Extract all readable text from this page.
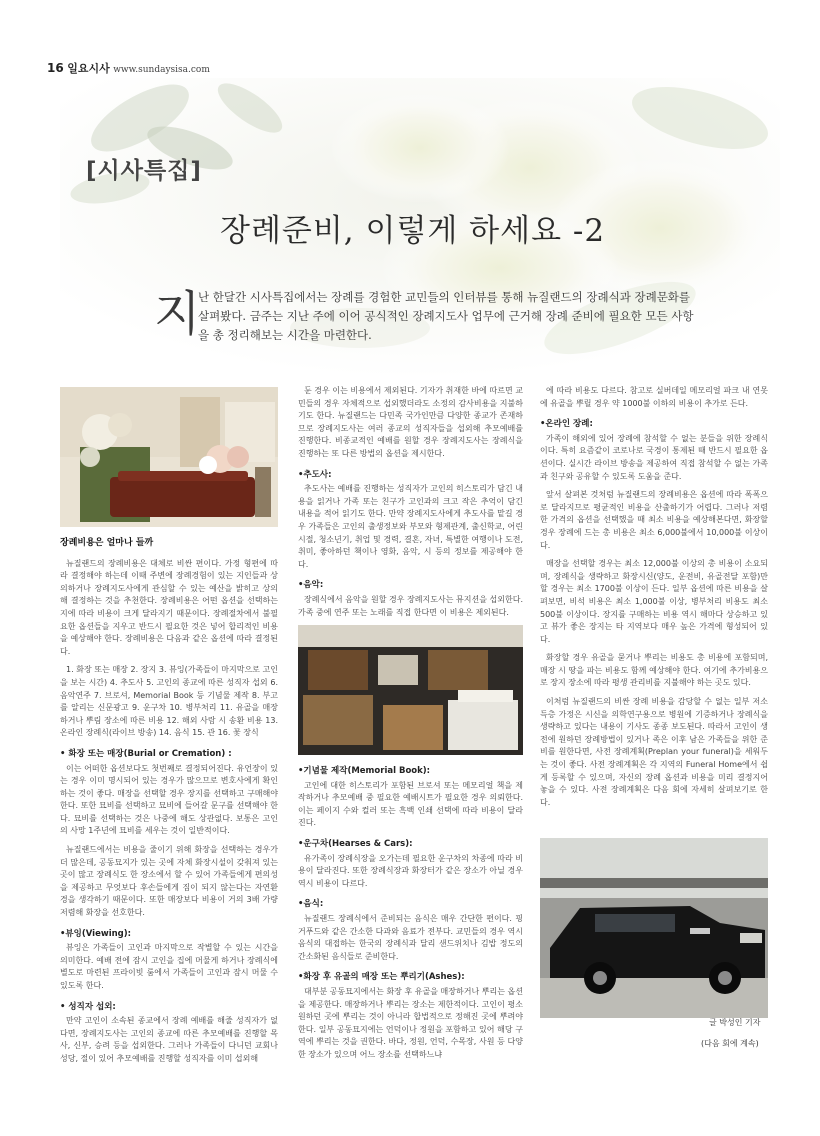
16 일요시사 www.sundaysisa.com
[시사특집]
장례준비, 이렇게 하세요 -2
지
난 한달간 시사특집에서는 장례를 경험한 교민들의 인터뷰를 통해 뉴질랜드의 장례식과 장례문화를 살펴봤다. 금주는 지난 주에 이어 공식적인 장례지도사 업무에 근거해 장례 준비에 필요한 모든 사항을 총 정리해보는 시간을 마련한다.
장례비용은 얼마나 들까

뉴질랜드의 장례비용은 대체로 비싼 편이다. 가정 형편에 따라 결정해야 하는데 이때 주변에 장례경험이 있는 지인들과 상의하거나 장례지도사에게 관심할 수 있는 예산을 밝히고 상의해 결정하는 것을 추천한다. 장례비용은 어떤 옵션을 선택하는지에 따라 비용이 크게 달라지기 때문이다. 장례절차에서 불필요한 옵션들을 지우고 반드시 필요한 것은 넣어 합리적인 비용을 예상해야 한다. 장례비용은 다음과 같은 옵션에 따라 결정된다.

1. 화장 또는 매장 2. 장지 3. 뷰잉(가족들이 마지막으로 고인을 보는 시간) 4. 추도사 5. 고인의 종교에 따른 성직자 섭외 6. 음악연주 7. 브로셔, Memorial Book 등 기념물 제작 8. 부고를 알리는 신문광고 9. 운구차 10. 병부처리 11. 유골을 매장하거나 뿌림 장소에 따른 비용 12. 해외 사람 시 송환 비용 13. 온라인 장례식(라이브 방송) 14. 음식 15. 관 16. 꽃 장식

• 화장 또는 매장(Burial or Cremation) :

이는 어떠한 옵션보다도 첫번째로 결정되어진다. 유언장이 있는 경우 이미 명시되어 있는 경우가 많으므로 변호사에게 확인하는 것이 좋다. 매장을 선택할 경우 장지를 선택하고 구매해야 한다. 또한 묘비를 선택하고 묘비에 들어갈 문구를 선택해야 한다. 묘비를 선택하는 것은 나중에 해도 상관없다. 보통은 고인의 사망 1주년에 묘비를 세우는 것이 일반적이다.

뉴질랜드에서는 비용을 줄이기 위해 화장을 선택하는 경우가 더 많은데, 공동묘지가 있는 곳에 자체 화장시설이 갖춰져 있는 곳이 많고 장례식도 한 장소에서 할 수 있어 가족들에게 편의성을 제공하고 무엇보다 후손들에게 짐이 되지 않는다는 자연환경을 생각하기 때문이다. 또한 매장보다 비용이 거의 3배 가량 저렴해 화장을 선호한다.

•뷰잉(Viewing):

뷰잉은 가족들이 고인과 마지막으로 작별할 수 있는 시간을 의미한다. 예배 전에 잠시 고인을 집에 머물게 하거나 장례식에 별도로 마련된 프라이빗 룸에서 가족들이 고인과 잠시 머물 수 있도록 한다.

• 성직자 섭외:

만약 고인이 소속된 종교에서 장례 예배를 해줄 성직자가 없다면, 장례지도사는 고인의 종교에 따른 추모예배를 진행할 목사, 신부, 승려 등을 섭외한다. 그러나 가족들이 다니던 교회나 성당, 절이 있어 추모예배를 진행할 성직자를 이미 섭외해

둔 경우 이는 비용에서 제외된다. 기자가 취재한 바에 따르면 교민들의 경우 자체적으로 섭외했더라도 소정의 감사비용을 지불하기도 한다. 뉴질랜드는 다민족 국가인만큼 다양한 종교가 존재하므로 장례지도사는 여러 종교의 성직자들을 섭외해 추모예배를 진행한다. 비종교적인 예배를 원할 경우 장례지도사는 장례식을 진행하는 또 다른 방법의 옵션을 제시한다.

•추도사:

추도사는 예배를 진행하는 성직자가 고인의 히스토리가 담긴 내용을 읽거나 가족 또는 친구가 고인과의 크고 작은 추억이 담긴 내용을 적어 읽기도 한다. 만약 장례지도사에게 추도사를 맡길 경우 가족들은 고인의 출생정보와 부모와 형제관계, 출신학교, 어린시절, 청소년기, 취업 및 경력, 결혼, 자녀, 특별한 여행이나 도전, 취미, 좋아하던 책이나 영화, 음악, 시 등의 정보를 제공해야 한다.

•음악:

장례식에서 음악을 원할 경우 장례지도사는 뮤지션을 섭외한다. 가족 중에 연주 또는 노래를 직접 한다면 이 비용은 제외된다.

•기념물 제작(Memorial Book):

고인에 대한 히스토리가 포함된 브로셔 또는 메모리얼 책을 제작하거나 추모예배 중 필요한 예배시트가 필요한 경우 의뢰한다. 이는 페이지 수와 컬러 또는 흑백 인쇄 선택에 따라 비용이 달라진다.

•운구차(Hearses & Cars):

유가족이 장례식장을 오가는데 필요한 운구차의 차종에 따라 비용이 달라진다. 또한 장례식장과 화장터가 같은 장소가 아닐 경우 역시 비용이 다르다.

•음식:

뉴질랜드 장례식에서 준비되는 음식은 매우 간단한 편이다. 핑거푸드와 같은 간소한 다과와 음료가 전부다. 교민들의 경우 역시 음식의 대접하는 한국의 장례식과 달리 샌드위치나 김밥 정도의 간소화된 음식들로 준비한다.

•화장 후 유골의 매장 또는 뿌리기(Ashes):

대부분 공동묘지에서는 화장 후 유골을 매장하거나 뿌리는 옵션을 제공한다. 매장하거나 뿌리는 장소는 제한적이다. 고인이 평소 원하던 곳에 뿌리는 것이 아니라 합법적으로 정해진 곳에 뿌려야한다. 일부 공동묘지에는 언덕이나 정원을 포함하고 있어 해당 구역에 뿌리는 것을 권한다. 바다, 정원, 언덕, 수목장, 사원 등 다양한 장소가 있으며 어느 장소를 선택하느냐

에 따라 비용도 다르다. 참고로 실버데일 메모리얼 파크 내 연못에 유골을 뿌릴 경우 약 1000불 이하의 비용이 추가로 든다.

•온라인 장례:

가족이 해외에 있어 장례에 참석할 수 없는 분들을 위한 장례식이다. 특히 요즘같이 코로나로 국경이 통제된 때 반드시 필요한 옵션이다. 실시간 라이브 방송을 제공하여 직접 참석할 수 없는 가족과 친구와 공유할 수 있도록 도움을 준다.

앞서 살펴본 것처럼 뉴질랜드의 장례비용은 옵션에 따라 폭폭으로 달라지므로 평균적인 비용을 산출하기가 어렵다. 그러나 저렴한 가격의 옵션을 선택했을 때 최소 비용을 예상해본다면, 화장할 경우 장례에 드는 총 비용은 최소 6,000불에서 10,000불 이상이다.

매장을 선택할 경우는 최소 12,000불 이상의 총 비용이 소요되며, 장례식을 생략하고 화장시신(양도, 운전비, 유골전달 포함)만 할 경우는 최소 1700불 이상이 든다. 일부 옵션에 따른 비용을 살펴보면, 비석 비용은 최소 1,000불 이상, 병부처리 비용도 최소 500불 이상이다. 장지를 구매하는 비용 역시 해마다 상승하고 있고 뷰가 좋은 장지는 타 지역보다 매우 높은 가격에 형성되어 있다.

화장할 경우 유골을 묻거나 뿌리는 비용도 총 비용에 포함되며, 매장 시 땅을 파는 비용도 함께 예상해야 한다. 여기에 추가비용으로 장지 장소에 따라 평생 관리비를 지불해야 하는 곳도 있다.

이처럼 뉴질랜드의 비싼 장례 비용을 감당할 수 없는 일부 저소득층 가정은 시신을 의학연구용으로 병원에 기증하거나 장례식을 생략하고 있다는 내용이 기사도 종종 보도된다. 따라서 고인이 생전에 원하던 장례방법이 있거나 족은 이후 남은 가족들을 위한 준비를 원한다면, 사전 장례계획(Preplan your funeral)을 세워두는 것이 좋다. 사전 장례계획은 각 지역의 Funeral Home에서 쉽게 등록할 수 있으며, 자신의 장례 옵션과 비용을 미리 결정지어 놓을 수 있다. 사전 장례계획은 다음 회에 자세히 살펴보기로 한다.

글 박성인 기자
(다음 회에 계속)
